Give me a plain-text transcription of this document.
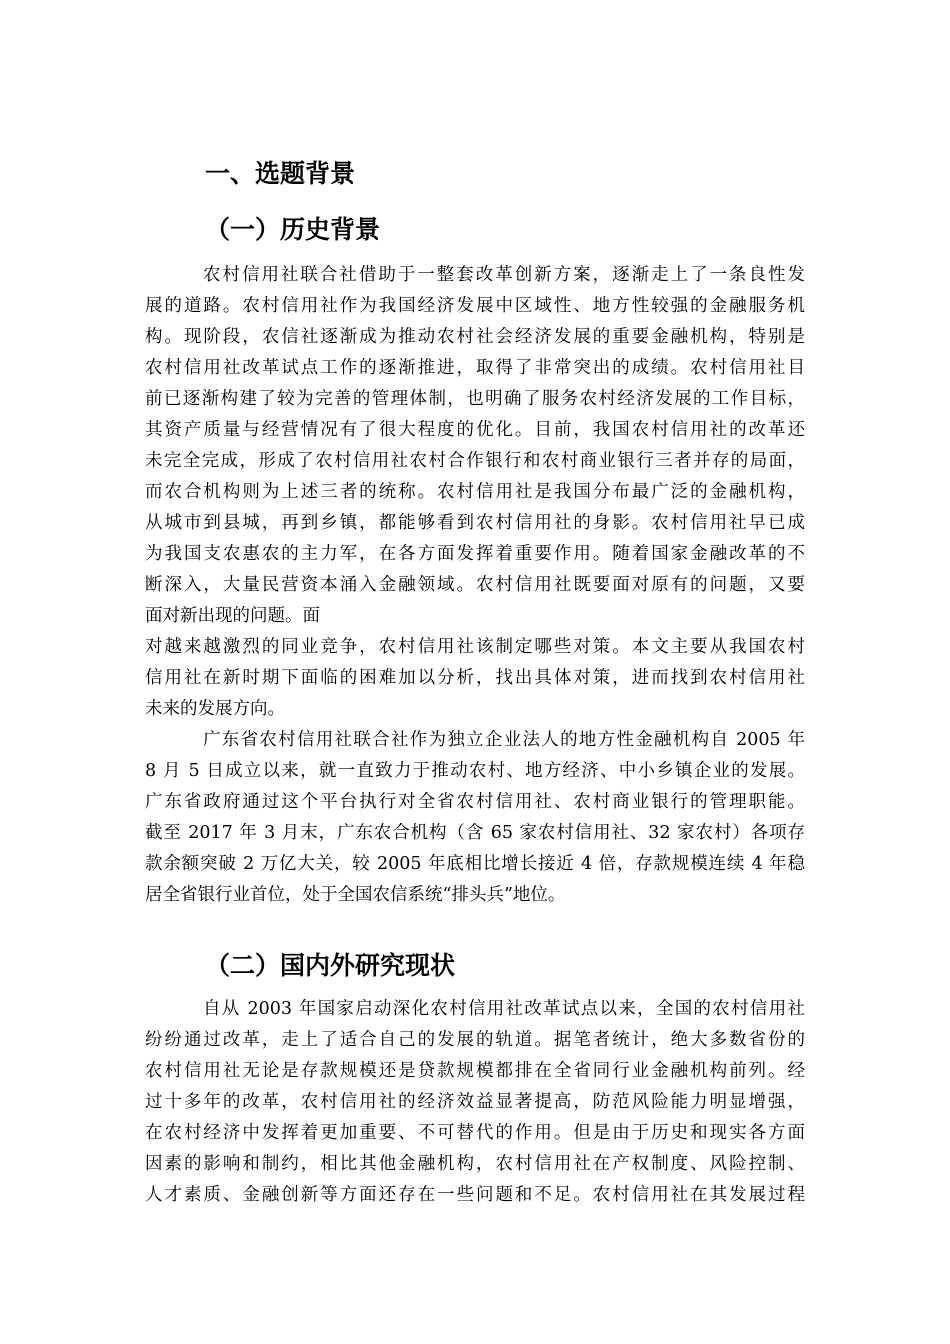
一、选题背景
（一）历史背景
农村信用社联合社借助于一整套改革创新方案，逐渐走上了一条良性发
展的道路。农村信用社作为我国经济发展中区域性、地方性较强的金融服务机
构。现阶段，农信社逐渐成为推动农村社会经济发展的重要金融机构，特别是
农村信用社改革试点工作的逐渐推进，取得了非常突出的成绩。农村信用社目
前已逐渐构建了较为完善的管理体制，也明确了服务农村经济发展的工作目标，
其资产质量与经营情况有了很大程度的优化。目前，我国农村信用社的改革还
未完全完成，形成了农村信用社农村合作银行和农村商业银行三者并存的局面，
而农合机构则为上述三者的统称。农村信用社是我国分布最广泛的金融机构，
从城市到县城，再到乡镇，都能够看到农村信用社的身影。农村信用社早已成
为我国支农惠农的主力军，在各方面发挥着重要作用。随着国家金融改革的不
断深入，大量民营资本涌入金融领域。农村信用社既要面对原有的问题，又要
面对新出现的问题。面
对越来越激烈的同业竞争，农村信用社该制定哪些对策。本文主要从我国农村
信用社在新时期下面临的困难加以分析，找出具体对策，进而找到农村信用社
未来的发展方向。
广东省农村信用社联合社作为独立企业法人的地方性金融机构自 2005 年
8 月 5 日成立以来，就一直致力于推动农村、地方经济、中小乡镇企业的发展。
广东省政府通过这个平台执行对全省农村信用社、农村商业银行的管理职能。
截至 2017 年 3 月末，广东农合机构（含 65 家农村信用社、32 家农村）各项存
款余额突破 2 万亿大关，较 2005 年底相比增长接近 4 倍，存款规模连续 4 年稳
居全省银行业首位，处于全国农信系统“排头兵”地位。
（二）国内外研究现状
自从 2003 年国家启动深化农村信用社改革试点以来，全国的农村信用社
纷纷通过改革，走上了适合自己的发展的轨道。据笔者统计，绝大多数省份的
农村信用社无论是存款规模还是贷款规模都排在全省同行业金融机构前列。经
过十多年的改革，农村信用社的经济效益显著提高，防范风险能力明显增强，
在农村经济中发挥着更加重要、不可替代的作用。但是由于历史和现实各方面
因素的影响和制约，相比其他金融机构，农村信用社在产权制度、风险控制、
人才素质、金融创新等方面还存在一些问题和不足。农村信用社在其发展过程
